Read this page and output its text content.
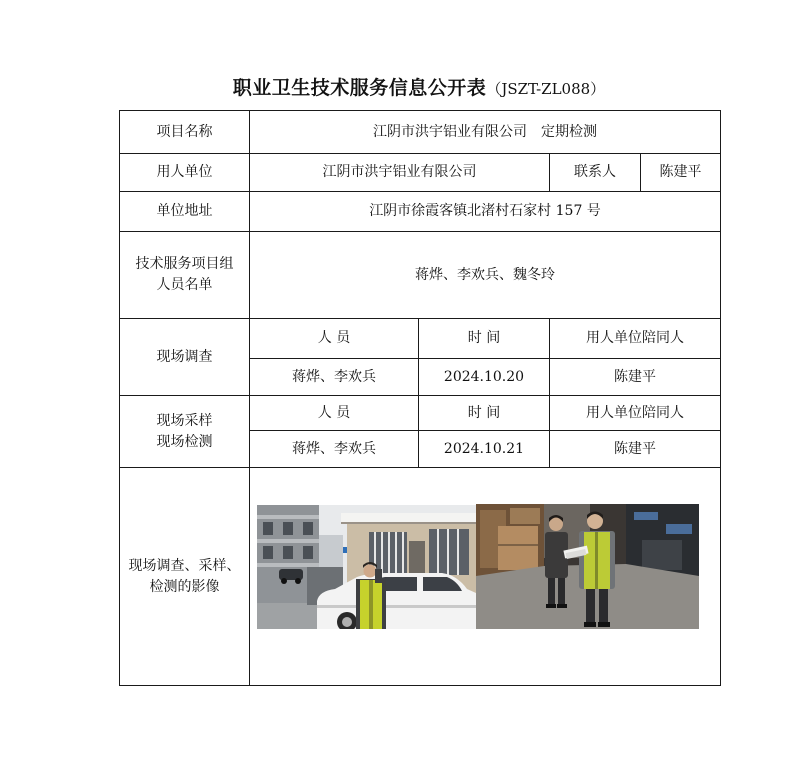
职业卫生技术服务信息公开表（JSZT-ZL088）
项目名称	江阴市洪宇铝业有限公司　定期检测			
用人单位	江阴市洪宇铝业有限公司		联系人	陈建平
单位地址	江阴市徐霞客镇北渚村石家村 157 号			

技术服务项目组
人员名单	蒋烨、李欢兵、魏冬玲			
现场调查	人 员	时 间	用人单位陪同人	
	蒋烨、李欢兵	2024.10.20	陈建平	

现场采样
现场检测	人 员	时 间	用人单位陪同人	
	蒋烨、李欢兵	2024.10.21	陈建平	

现场调查、采样、
检测的影像
